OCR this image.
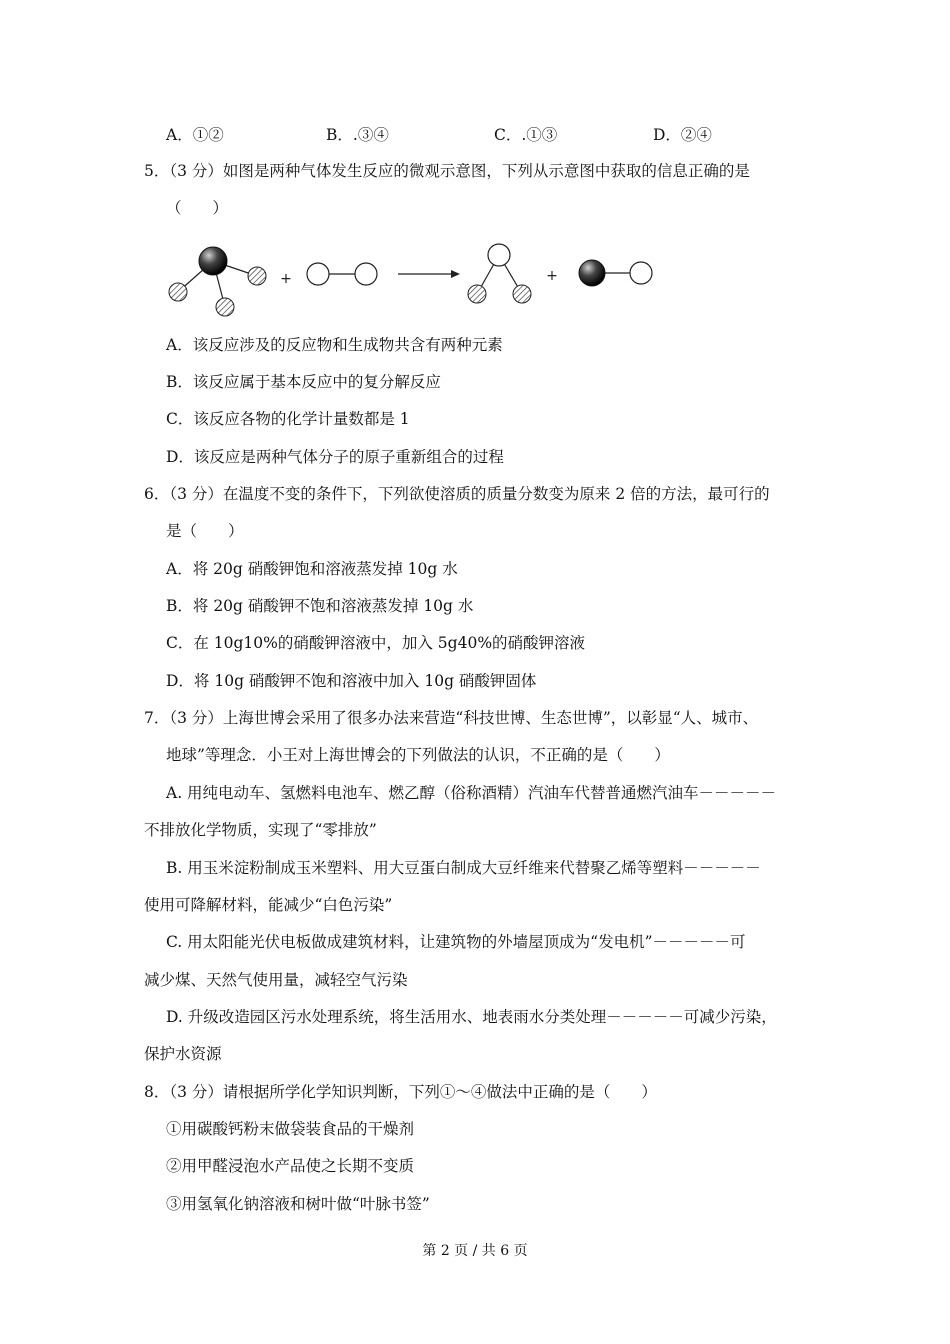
A．①②	B．.③④	C．.①③	D．②④
5．（3 分）如图是两种气体发生反应的微观示意图，下列从示意图中获取的信息正确的是
（　　）
+	+
A．该反应涉及的反应物和生成物共含有两种元素
B．该反应属于基本反应中的复分解反应
C．该反应各物的化学计量数都是 1
D．该反应是两种气体分子的原子重新组合的过程
6．（3 分）在温度不变的条件下，下列欲使溶质的质量分数变为原来 2 倍的方法，最可行的
是（　　）
A．将 20g 硝酸钾饱和溶液蒸发掉 10g 水
B．将 20g 硝酸钾不饱和溶液蒸发掉 10g 水
C．在 10g10%的硝酸钾溶液中，加入 5g40%的硝酸钾溶液
D．将 10g 硝酸钾不饱和溶液中加入 10g 硝酸钾固体
7．（3 分）上海世博会采用了很多办法来营造“科技世博、生态世博”，以彰显“人、城市、
地球”等理念．小王对上海世博会的下列做法的认识，不正确的是（　　）
A. 用纯电动车、氢燃料电池车、燃乙醇（俗称酒精）汽油车代替普通燃汽油车－－－－－
不排放化学物质，实现了“零排放”
B. 用玉米淀粉制成玉米塑料、用大豆蛋白制成大豆纤维来代替聚乙烯等塑料－－－－－
使用可降解材料，能减少“白色污染”
C. 用太阳能光伏电板做成建筑材料，让建筑物的外墙屋顶成为“发电机”－－－－－可
减少煤、天然气使用量，减轻空气污染
D. 升级改造园区污水处理系统，将生活用水、地表雨水分类处理－－－－－可减少污染，
保护水资源
8．（3 分）请根据所学化学知识判断，下列①～④做法中正确的是（　　）
①用碳酸钙粉末做袋装食品的干燥剂
②用甲醛浸泡水产品使之长期不变质
③用氢氧化钠溶液和树叶做“叶脉书签”
第 2 页 / 共 6 页
